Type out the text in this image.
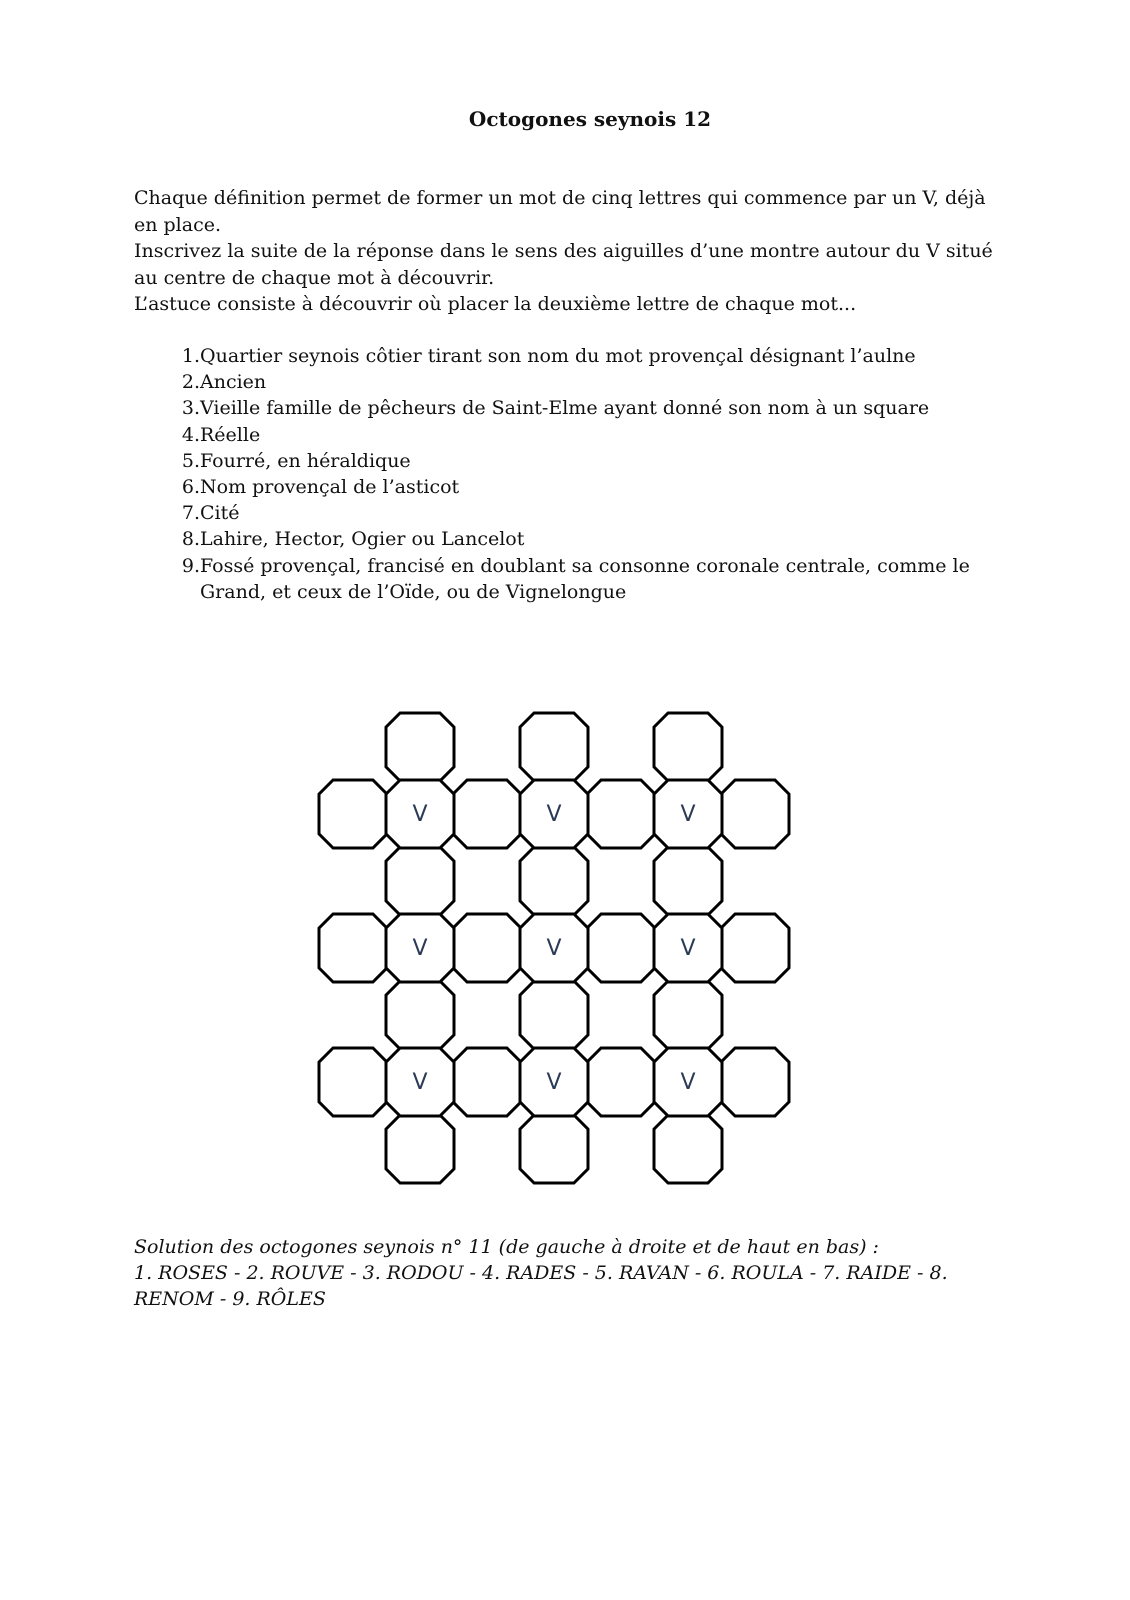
Octogones seynois 12

Chaque définition permet de former un mot de cinq lettres qui commence par un V, déjà en place.

Inscrivez la suite de la réponse dans le sens des aiguilles d’une montre autour du V situé au centre de chaque mot à découvrir.

L’astuce consiste à découvrir où placer la deuxième lettre de chaque mot...

1. Quartier seynois côtier tirant son nom du mot provençal désignant l’aulne
2. Ancien
3. Vieille famille de pêcheurs de Saint-Elme ayant donné son nom à un square
4. Réelle
5. Fourré, en héraldique
6. Nom provençal de l’asticot
7. Cité
8. Lahire, Hector, Ogier ou Lancelot
9. Fossé provençal, francisé en doublant sa consonne coronale centrale, comme le Grand, et ceux de l’Oïde, ou de Vignelongue
V	V	V
V	V	V
V	V	V

Solution des octogones seynois n° 11 (de gauche à droite et de haut en bas) :

1. ROSES - 2. ROUVE - 3. RODOU - 4. RADES - 5. RAVAN - 6. ROULA - 7. RAIDE - 8. RENOM - 9. RÔLES
